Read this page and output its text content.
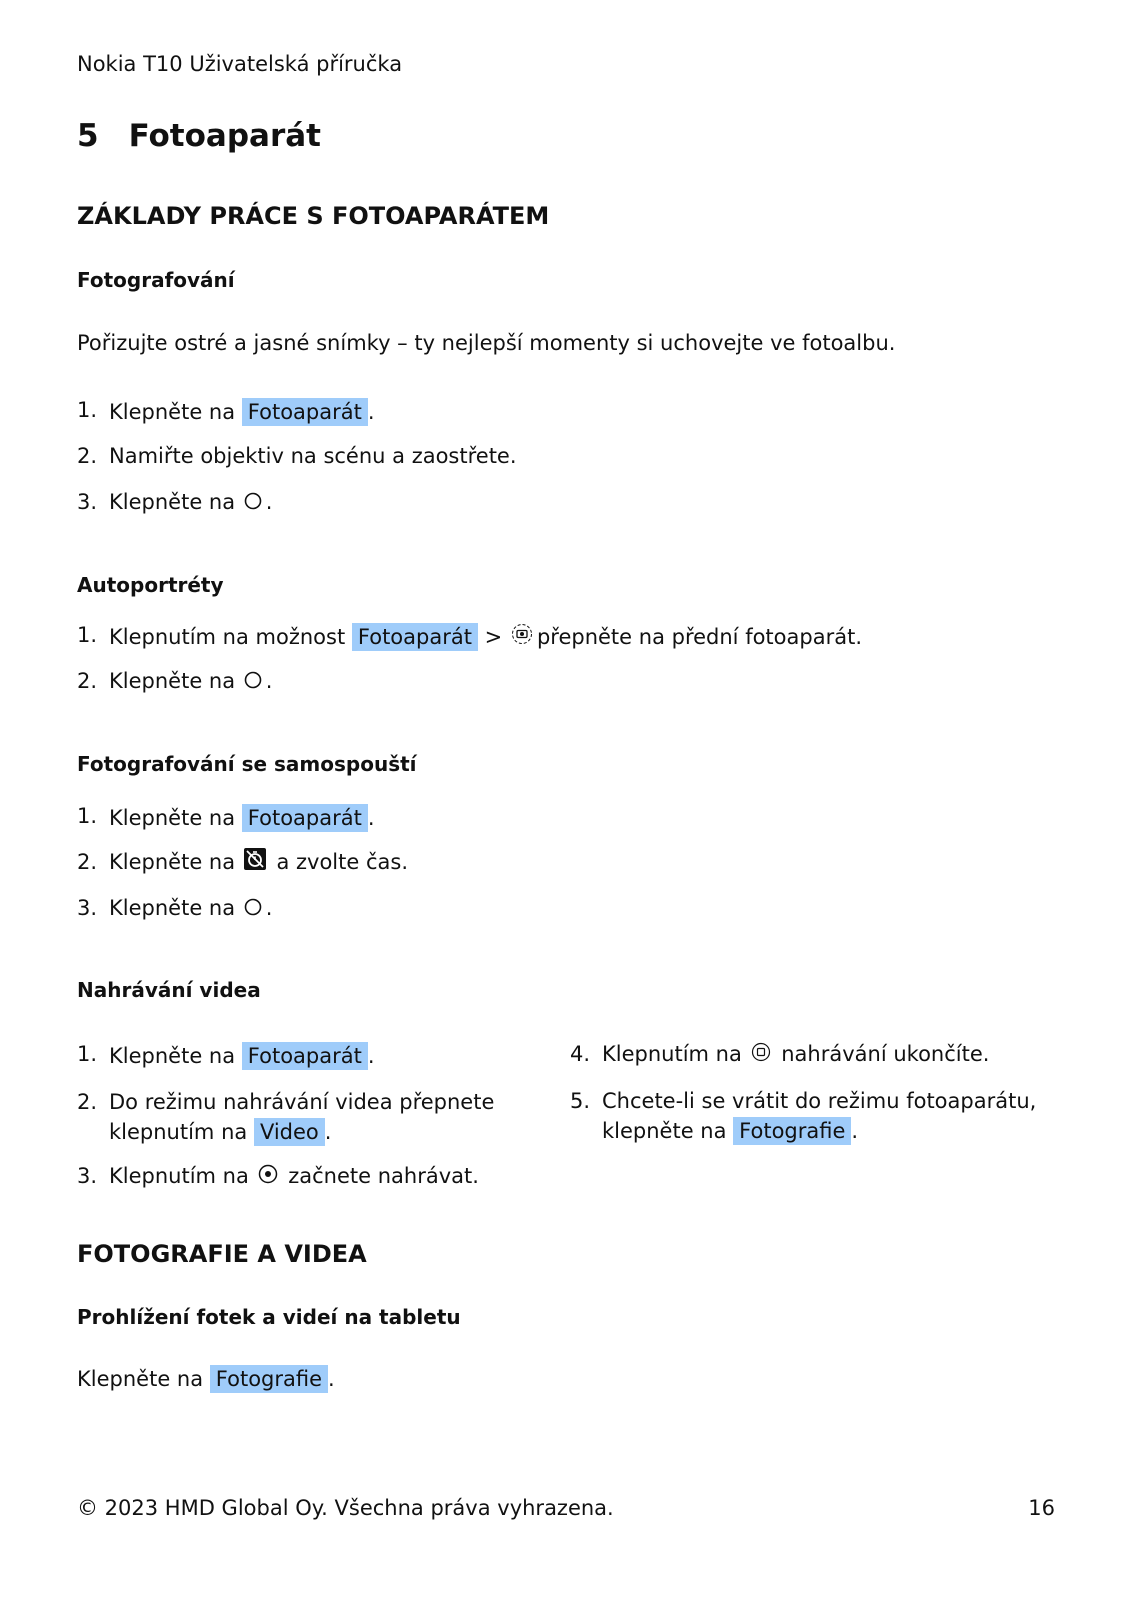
Nokia T10 Uživatelská příručka
5 Fotoaparát
ZÁKLADY PRÁCE S FOTOAPARÁTEM
Fotografování
Pořizujte ostré a jasné snímky – ty nejlepší momenty si uchovejte ve fotoalbu.
1. Klepněte na Fotoaparát .
2. Namiřte objektiv na scénu a zaostřete.
3. Klepněte na .
Autoportréty
1. Klepnutím na možnost Fotoaparát > přepněte na přední fotoaparát.
2. Klepněte na .
Fotografování se samospouští
1. Klepněte na Fotoaparát .
2. Klepněte na a zvolte čas.
3. Klepněte na .
Nahrávání videa
1. Klepněte na Fotoaparát .
2. Do režimu nahrávání videa přepnete
klepnutím na Video .
3. Klepnutím na začnete nahrávat.
4. Klepnutím na nahrávání ukončíte.
5. Chcete-li se vrátit do režimu fotoaparátu,
klepněte na Fotografie .
FOTOGRAFIE A VIDEA
Prohlížení fotek a videí na tabletu
Klepněte na Fotografie .
© 2023 HMD Global Oy. Všechna práva vyhrazena.	16
